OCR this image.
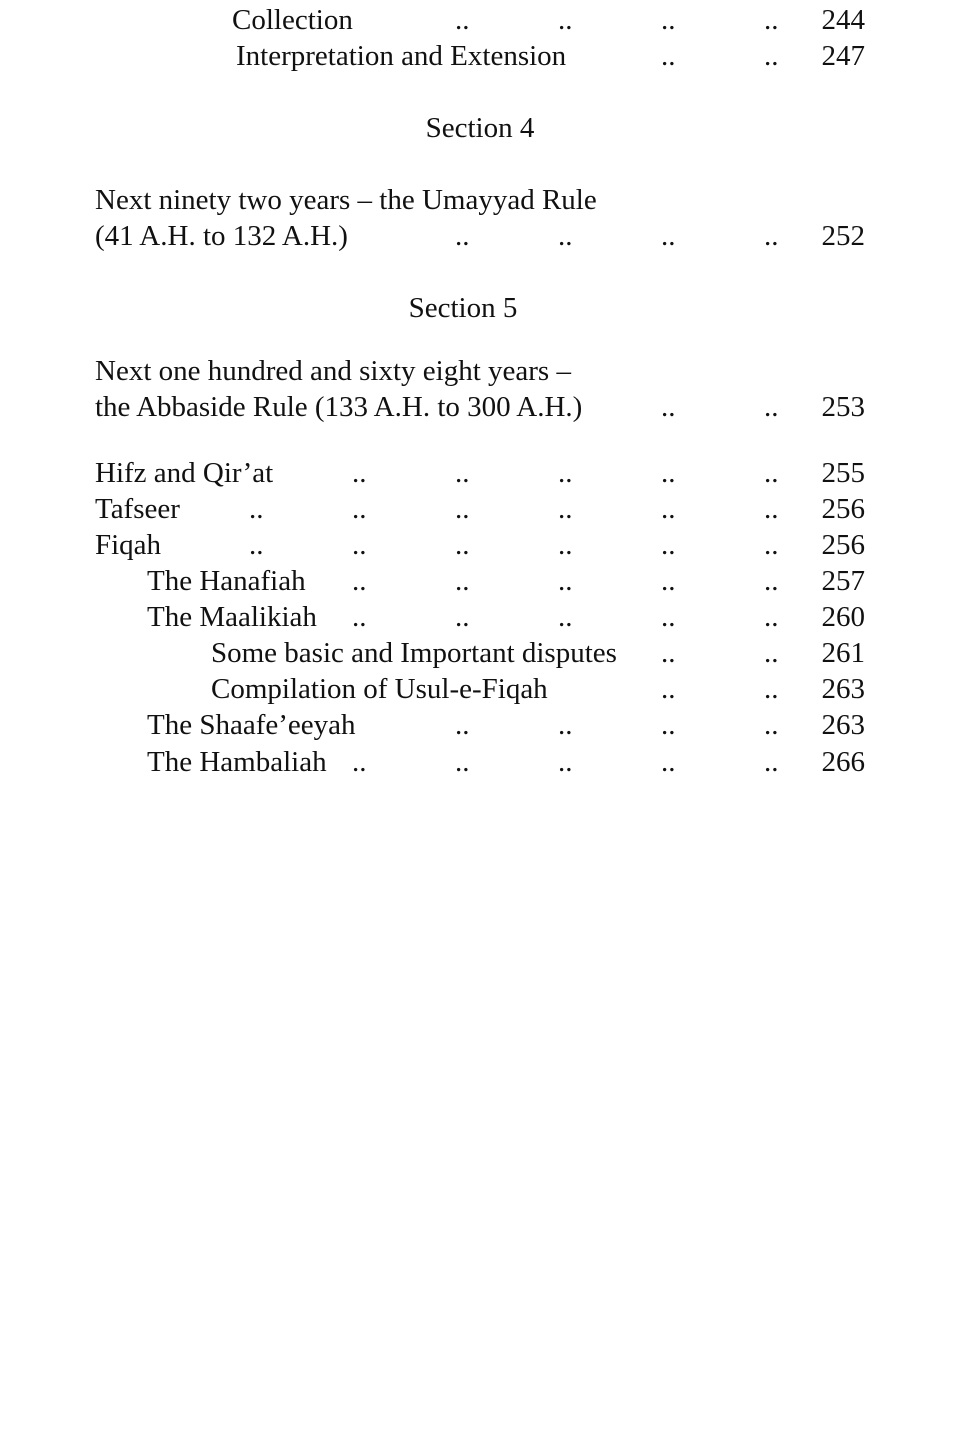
Collection	..	..	..	..	244
Interpretation and Extension	..	..	247
Section 4
Next ninety two years – the Umayyad Rule
(41 A.H. to 132 A.H.)	..	..	..	..	252
Section 5
Next one hundred and sixty eight years –
the Abbaside Rule (133 A.H. to 300 A.H.)	..	..	253
Hifz and Qir’at	..	..	..	..	..	255
Tafseer ..	..	..	..	..	..	256
Fiqah	..	..	..	..	..	..	256
The Hanafiah ..	..	..	..	..	257
The Maalikiah ..	..	..	..	..	260
Some basic and Important disputes ..	..	261
Compilation of Usul-e-Fiqah	..	..	263
The Shaafe’eeyah	..	..	..	..	263
The Hambaliah ..	..	..	..	..	266
